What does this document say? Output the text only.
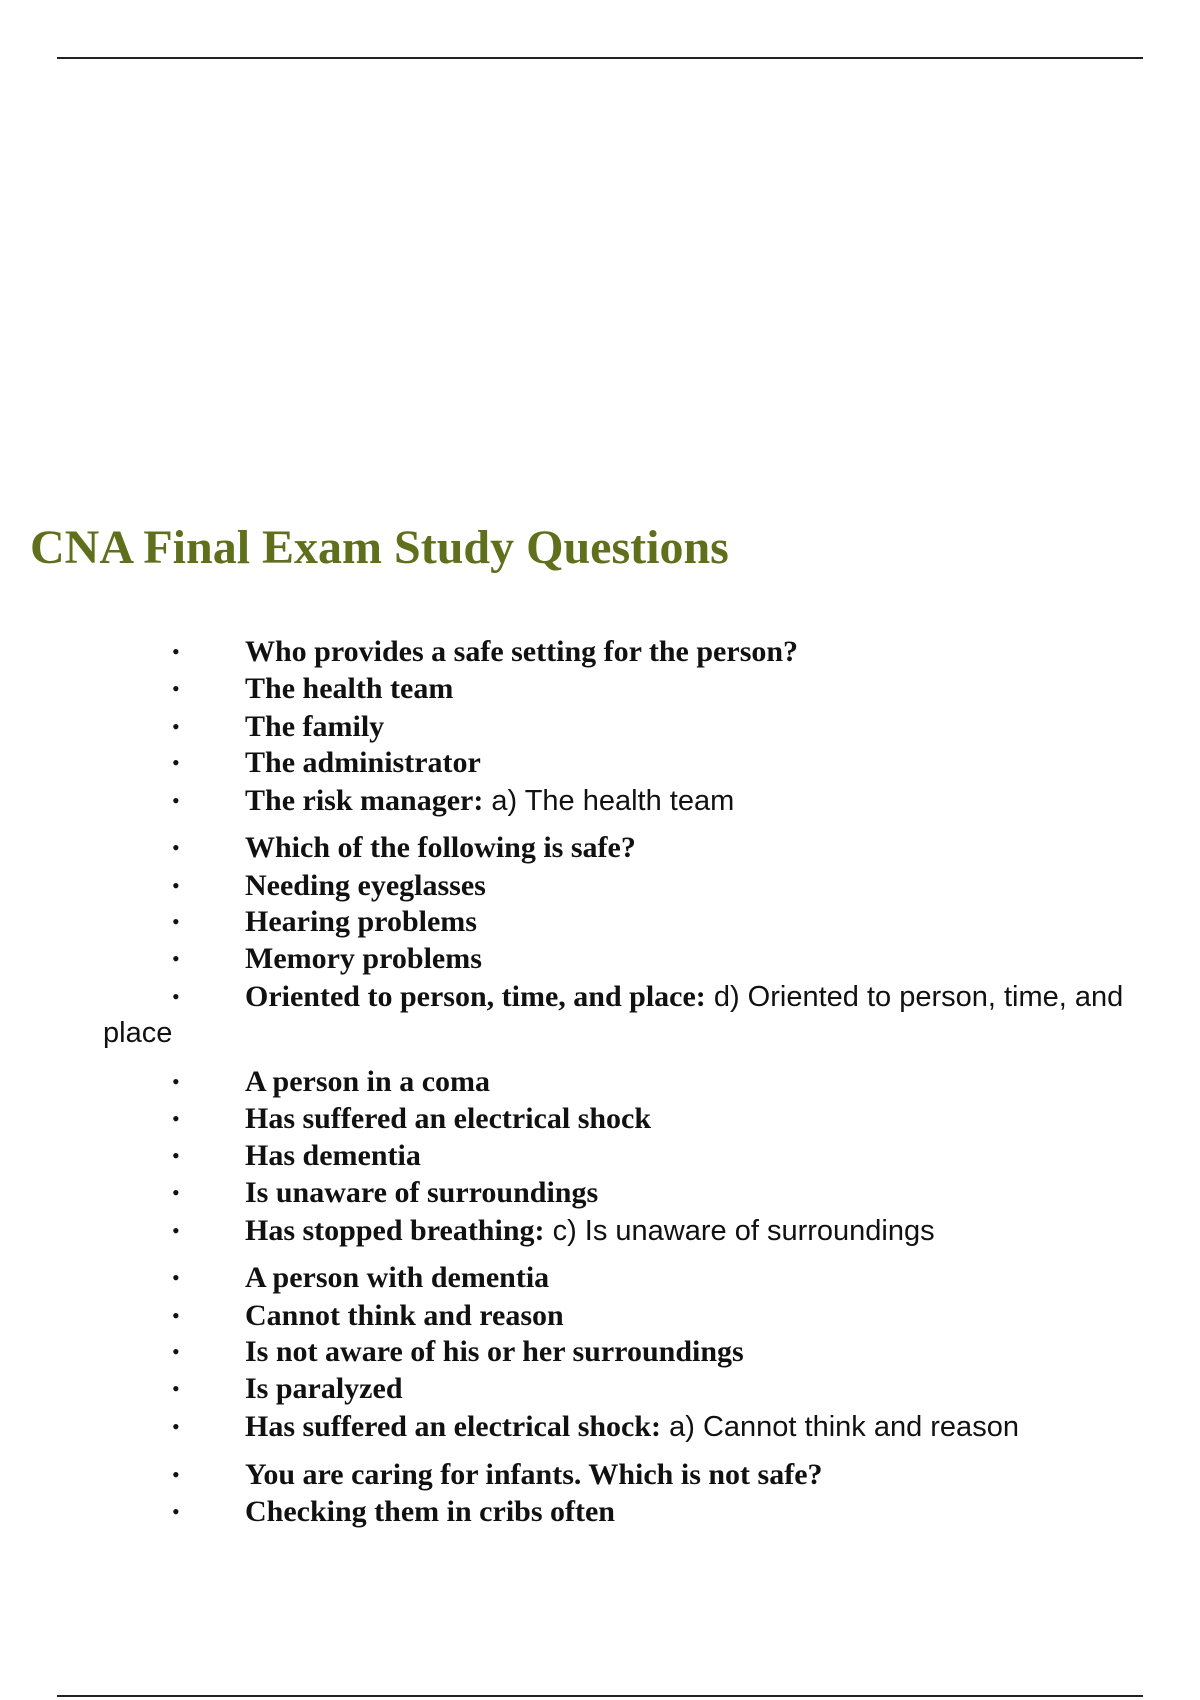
CNA Final Exam Study Questions
• Who provides a safe setting for the person?
• The health team
• The family
• The administrator
• The risk manager: a) The health team
• Which of the following is safe?
• Needing eyeglasses
• Hearing problems
• Memory problems
• Oriented to person, time, and place: d) Oriented to person, time, and
place
• A person in a coma
• Has suffered an electrical shock
• Has dementia
• Is unaware of surroundings
• Has stopped breathing: c) Is unaware of surroundings
• A person with dementia
• Cannot think and reason
• Is not aware of his or her surroundings
• Is paralyzed
• Has suffered an electrical shock: a) Cannot think and reason
• You are caring for infants. Which is not safe?
• Checking them in cribs often
